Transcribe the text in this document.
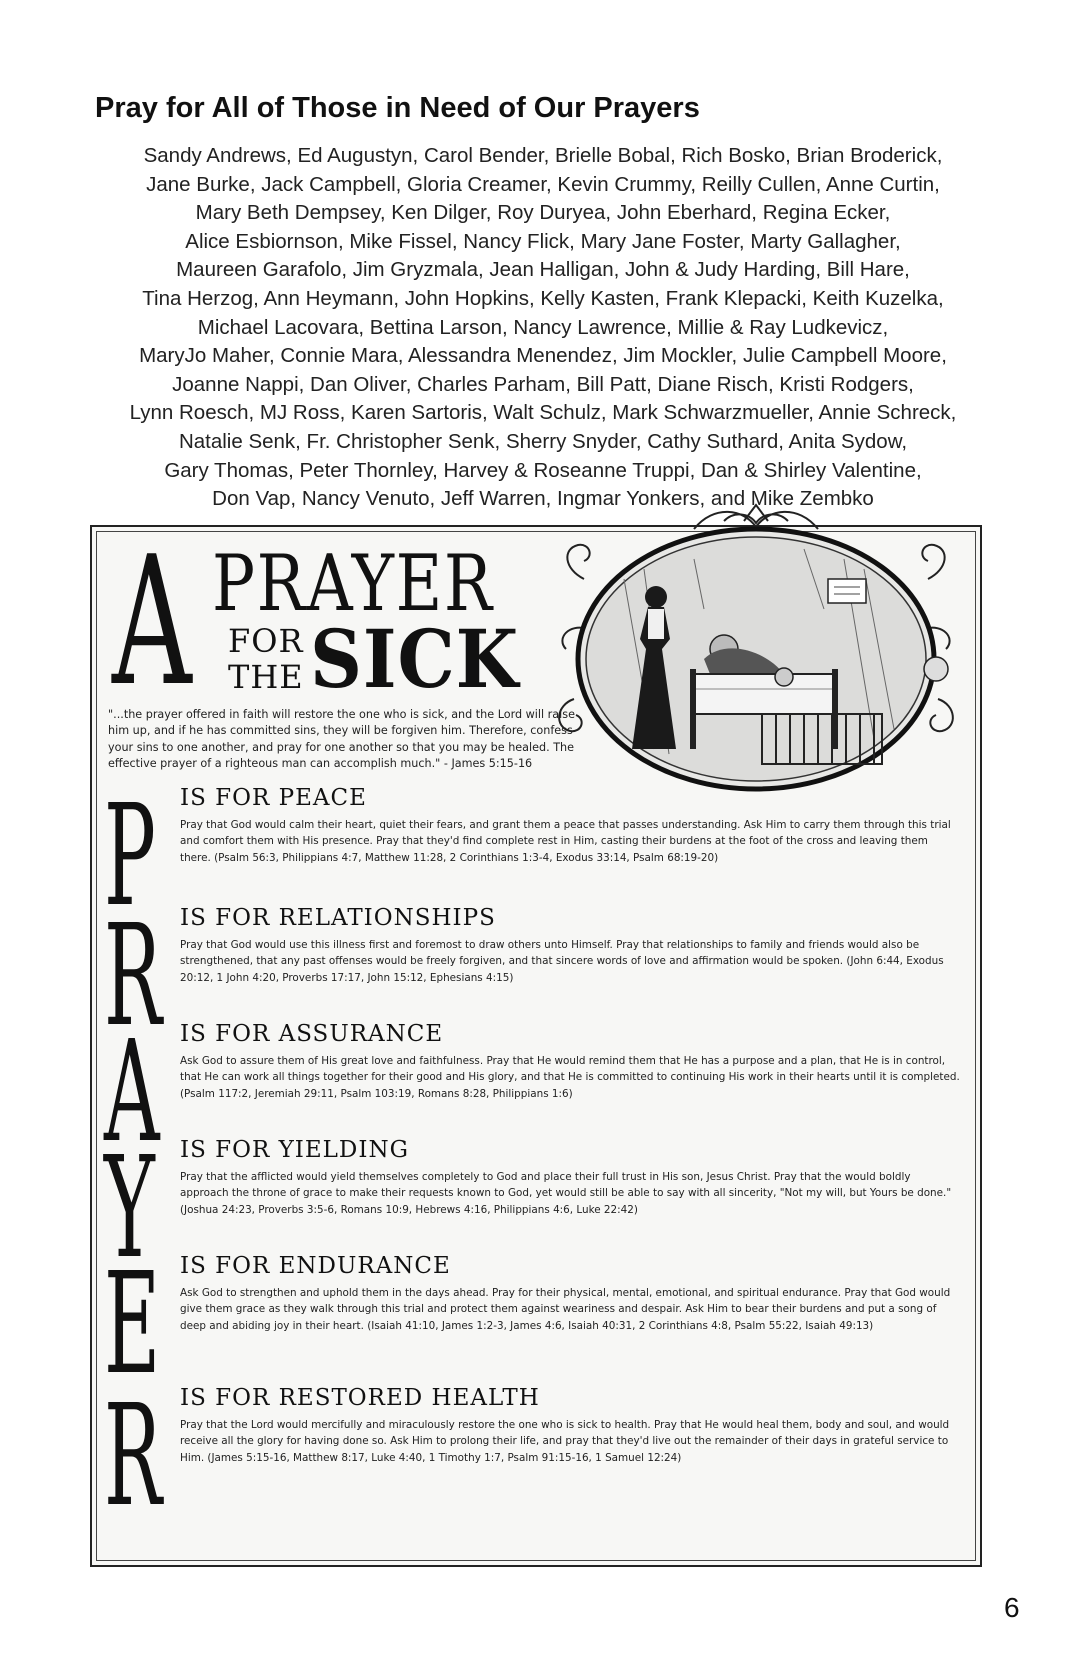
Pray for All of Those in Need of Our Prayers
Sandy Andrews, Ed Augustyn, Carol Bender, Brielle Bobal, Rich Bosko, Brian Broderick,
Jane Burke, Jack Campbell, Gloria Creamer, Kevin Crummy, Reilly Cullen, Anne Curtin,
Mary Beth Dempsey, Ken Dilger, Roy Duryea, John Eberhard, Regina Ecker,
Alice Esbiornson, Mike Fissel, Nancy Flick, Mary Jane Foster, Marty Gallagher,
Maureen Garafolo, Jim Gryzmala, Jean Halligan, John & Judy Harding, Bill Hare,
Tina Herzog, Ann Heymann, John Hopkins, Kelly Kasten, Frank Klepacki, Keith Kuzelka,
Michael Lacovara, Bettina Larson, Nancy Lawrence, Millie & Ray Ludkevicz,
MaryJo Maher, Connie Mara, Alessandra Menendez, Jim Mockler, Julie Campbell Moore,
Joanne Nappi, Dan Oliver, Charles Parham, Bill Patt, Diane Risch, Kristi Rodgers,
Lynn Roesch, MJ Ross, Karen Sartoris, Walt Schulz, Mark Schwarzmueller, Annie Schreck,
Natalie Senk, Fr. Christopher Senk, Sherry Snyder, Cathy Suthard, Anita Sydow,
Gary Thomas, Peter Thornley, Harvey & Roseanne Truppi, Dan & Shirley Valentine,
Don Vap, Nancy Venuto, Jeff Warren, Ingmar Yonkers, and Mike Zembko
A PRAYER
FOR
THE SICK
"...the prayer offered in faith will restore the one who is sick, and the Lord will raise him up, and if he has committed sins, they will be forgiven him. Therefore, confess your sins to one another, and pray for one another so that you may be healed. The effective prayer of a righteous man can accomplish much." - James 5:15-16
P IS FOR PEACE
Pray that God would calm their heart, quiet their fears, and grant them a peace that passes understanding. Ask Him to carry them through this trial and comfort them with His presence. Pray that they'd find complete rest in Him, casting their burdens at the foot of the cross and leaving them there. (Psalm 56:3, Philippians 4:7, Matthew 11:28, 2 Corinthians 1:3-4, Exodus 33:14, Psalm 68:19-20)
R IS FOR RELATIONSHIPS
Pray that God would use this illness first and foremost to draw others unto Himself. Pray that relationships to family and friends would also be strengthened, that any past offenses would be freely forgiven, and that sincere words of love and affirmation would be spoken. (John 6:44, Exodus 20:12, 1 John 4:20, Proverbs 17:17, John 15:12, Ephesians 4:15)
A IS FOR ASSURANCE
Ask God to assure them of His great love and faithfulness. Pray that He would remind them that He has a purpose and a plan, that He is in control, that He can work all things together for their good and His glory, and that He is committed to continuing His work in their hearts until it is completed. (Psalm 117:2, Jeremiah 29:11, Psalm 103:19, Romans 8:28, Philippians 1:6)
Y IS FOR YIELDING
Pray that the afflicted would yield themselves completely to God and place their full trust in His son, Jesus Christ. Pray that the would boldly approach the throne of grace to make their requests known to God, yet would still be able to say with all sincerity, "Not my will, but Yours be done." (Joshua 24:23, Proverbs 3:5-6, Romans 10:9, Hebrews 4:16, Philippians 4:6, Luke 22:42)
E IS FOR ENDURANCE
Ask God to strengthen and uphold them in the days ahead. Pray for their physical, mental, emotional, and spiritual endurance. Pray that God would give them grace as they walk through this trial and protect them against weariness and despair. Ask Him to bear their burdens and put a song of deep and abiding joy in their heart. (Isaiah 41:10, James 1:2-3, James 4:6, Isaiah 40:31, 2 Corinthians 4:8, Psalm 55:22, Isaiah 49:13)
R IS FOR RESTORED HEALTH
Pray that the Lord would mercifully and miraculously restore the one who is sick to health. Pray that He would heal them, body and soul, and would receive all the glory for having done so. Ask Him to prolong their life, and pray that they'd live out the remainder of their days in grateful service to Him. (James 5:15-16, Matthew 8:17, Luke 4:40, 1 Timothy 1:7, Psalm 91:15-16, 1 Samuel 12:24)
6
